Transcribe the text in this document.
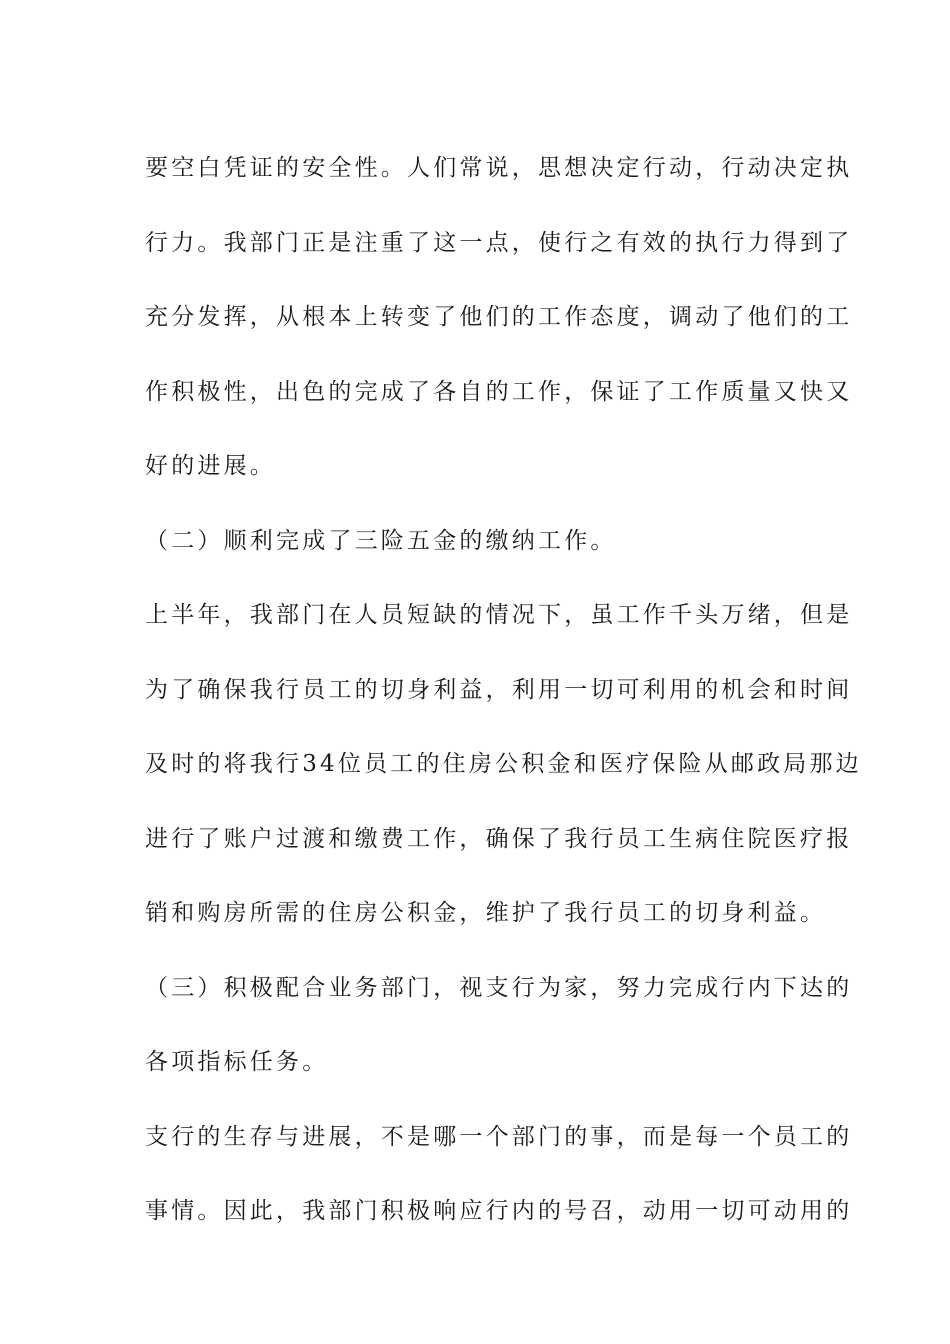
要空白凭证的安全性。人们常说，思想决定行动，行动决定执
行力。我部门正是注重了这一点，使行之有效的执行力得到了
充分发挥，从根本上转变了他们的工作态度，调动了他们的工
作积极性，出色的完成了各自的工作，保证了工作质量又快又
好的进展。
（二）顺利完成了三险五金的缴纳工作。
上半年，我部门在人员短缺的情况下，虽工作千头万绪，但是
为了确保我行员工的切身利益，利用一切可利用的机会和时间
及时的将我行34位员工的住房公积金和医疗保险从邮政局那边
进行了账户过渡和缴费工作，确保了我行员工生病住院医疗报
销和购房所需的住房公积金，维护了我行员工的切身利益。
（三）积极配合业务部门，视支行为家，努力完成行内下达的
各项指标任务。
支行的生存与进展，不是哪一个部门的事，而是每一个员工的
事情。因此，我部门积极响应行内的号召，动用一切可动用的
